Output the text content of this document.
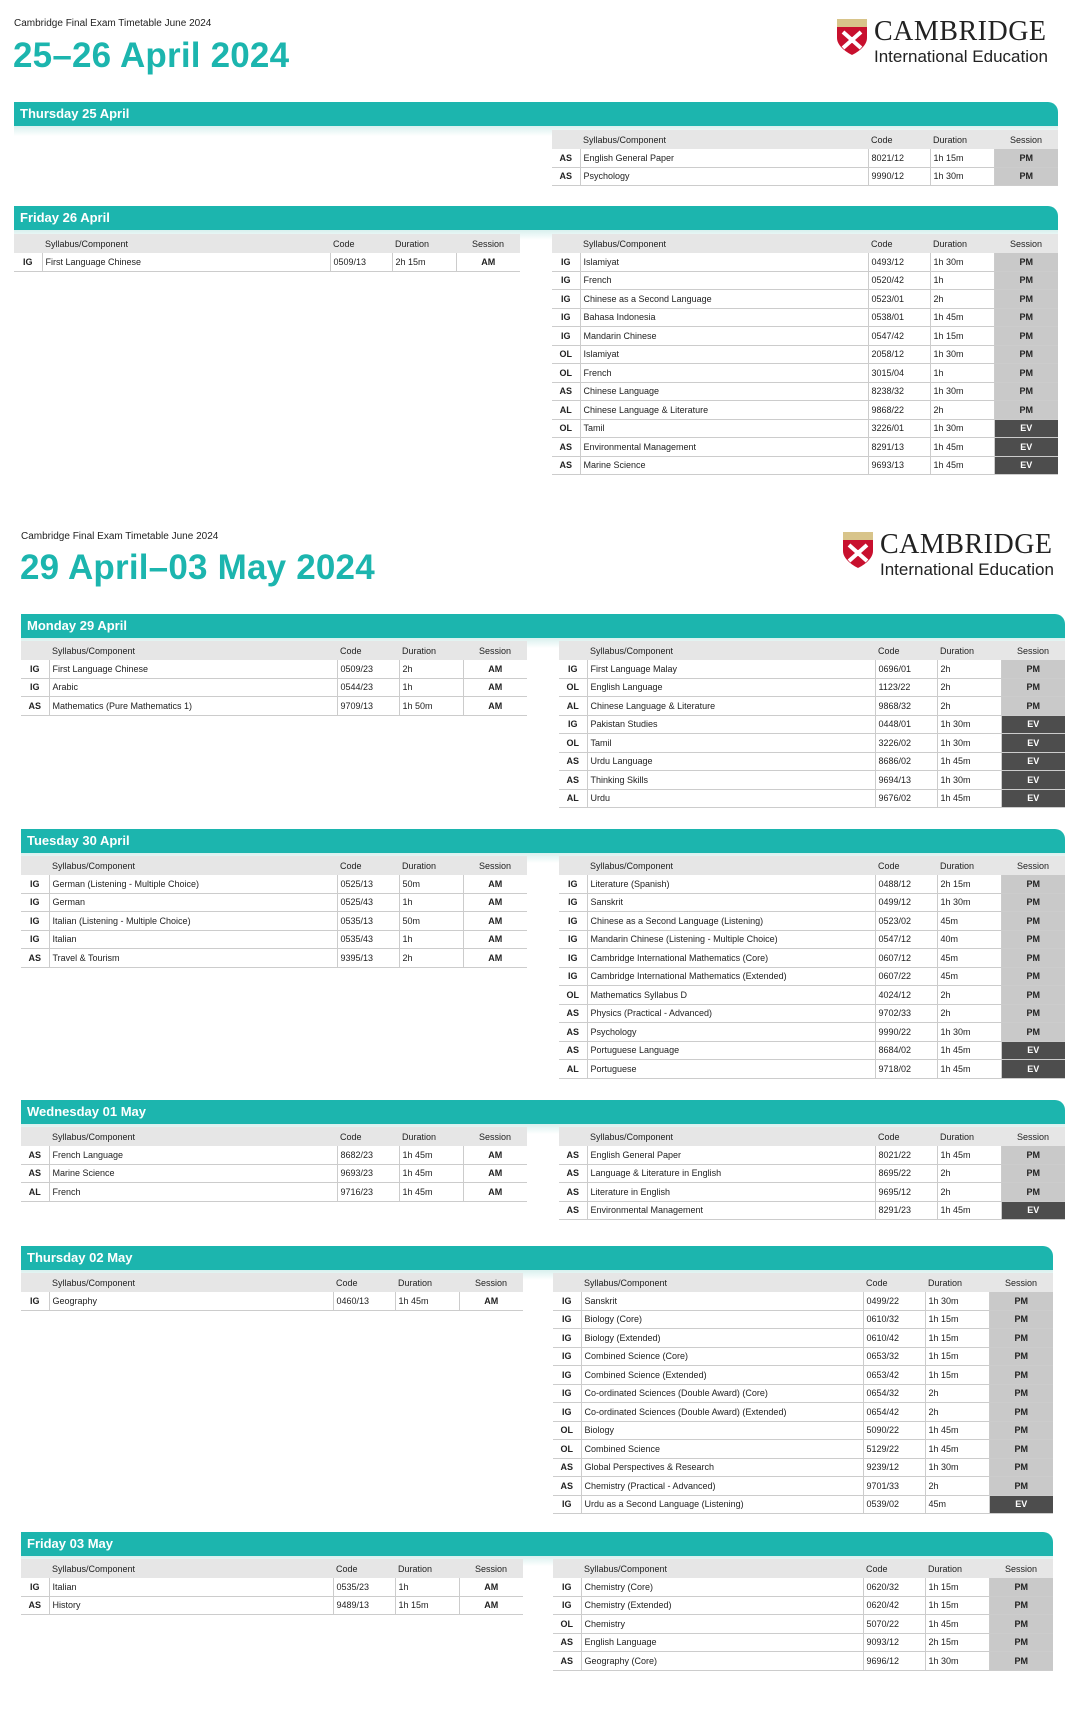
Cambridge Final Exam Timetable June 2024
25–26 April 2024
CAMBRIDGE
International Education
Cambridge Final Exam Timetable June 2024
29 April–03 May 2024
CAMBRIDGE
International Education
Thursday 25 April
	Syllabus/Component	Code	Duration	Session
AS	English General Paper	8021/12	1h 15m	PM
AS	Psychology	9990/12	1h 30m	PM
Friday 26 April
	Syllabus/Component	Code	Duration	Session
IG	First Language Chinese	0509/13	2h 15m	AM
	Syllabus/Component	Code	Duration	Session
IG	Islamiyat	0493/12	1h 30m	PM
IG	French	0520/42	1h	PM
IG	Chinese as a Second Language	0523/01	2h	PM
IG	Bahasa Indonesia	0538/01	1h 45m	PM
IG	Mandarin Chinese	0547/42	1h 15m	PM
OL	Islamiyat	2058/12	1h 30m	PM
OL	French	3015/04	1h	PM
AS	Chinese Language	8238/32	1h 30m	PM
AL	Chinese Language & Literature	9868/22	2h	PM
OL	Tamil	3226/01	1h 30m	EV
AS	Environmental Management	8291/13	1h 45m	EV
AS	Marine Science	9693/13	1h 45m	EV
Monday 29 April
	Syllabus/Component	Code	Duration	Session
IG	First Language Chinese	0509/23	2h	AM
IG	Arabic	0544/23	1h	AM
AS	Mathematics (Pure Mathematics 1)	9709/13	1h 50m	AM
	Syllabus/Component	Code	Duration	Session
IG	First Language Malay	0696/01	2h	PM
OL	English Language	1123/22	2h	PM
AL	Chinese Language & Literature	9868/32	2h	PM
IG	Pakistan Studies	0448/01	1h 30m	EV
OL	Tamil	3226/02	1h 30m	EV
AS	Urdu Language	8686/02	1h 45m	EV
AS	Thinking Skills	9694/13	1h 30m	EV
AL	Urdu	9676/02	1h 45m	EV
Tuesday 30 April
	Syllabus/Component	Code	Duration	Session
IG	German (Listening - Multiple Choice)	0525/13	50m	AM
IG	German	0525/43	1h	AM
IG	Italian (Listening - Multiple Choice)	0535/13	50m	AM
IG	Italian	0535/43	1h	AM
AS	Travel & Tourism	9395/13	2h	AM
	Syllabus/Component	Code	Duration	Session
IG	Literature (Spanish)	0488/12	2h 15m	PM
IG	Sanskrit	0499/12	1h 30m	PM
IG	Chinese as a Second Language (Listening)	0523/02	45m	PM
IG	Mandarin Chinese (Listening - Multiple Choice)	0547/12	40m	PM
IG	Cambridge International Mathematics (Core)	0607/12	45m	PM
IG	Cambridge International Mathematics (Extended)	0607/22	45m	PM
OL	Mathematics Syllabus D	4024/12	2h	PM
AS	Physics (Practical - Advanced)	9702/33	2h	PM
AS	Psychology	9990/22	1h 30m	PM
AS	Portuguese Language	8684/02	1h 45m	EV
AL	Portuguese	9718/02	1h 45m	EV
Wednesday 01 May
	Syllabus/Component	Code	Duration	Session
AS	French Language	8682/23	1h 45m	AM
AS	Marine Science	9693/23	1h 45m	AM
AL	French	9716/23	1h 45m	AM
	Syllabus/Component	Code	Duration	Session
AS	English General Paper	8021/22	1h 45m	PM
AS	Language & Literature in English	8695/22	2h	PM
AS	Literature in English	9695/12	2h	PM
AS	Environmental Management	8291/23	1h 45m	EV
Thursday 02 May
	Syllabus/Component	Code	Duration	Session
IG	Geography	0460/13	1h 45m	AM
	Syllabus/Component	Code	Duration	Session
IG	Sanskrit	0499/22	1h 30m	PM
IG	Biology (Core)	0610/32	1h 15m	PM
IG	Biology (Extended)	0610/42	1h 15m	PM
IG	Combined Science (Core)	0653/32	1h 15m	PM
IG	Combined Science (Extended)	0653/42	1h 15m	PM
IG	Co-ordinated Sciences (Double Award) (Core)	0654/32	2h	PM
IG	Co-ordinated Sciences (Double Award) (Extended)	0654/42	2h	PM
OL	Biology	5090/22	1h 45m	PM
OL	Combined Science	5129/22	1h 45m	PM
AS	Global Perspectives & Research	9239/12	1h 30m	PM
AS	Chemistry (Practical - Advanced)	9701/33	2h	PM
IG	Urdu as a Second Language (Listening)	0539/02	45m	EV
Friday 03 May
	Syllabus/Component	Code	Duration	Session
IG	Italian	0535/23	1h	AM
AS	History	9489/13	1h 15m	AM
	Syllabus/Component	Code	Duration	Session
IG	Chemistry (Core)	0620/32	1h 15m	PM
IG	Chemistry (Extended)	0620/42	1h 15m	PM
OL	Chemistry	5070/22	1h 45m	PM
AS	English Language	9093/12	2h 15m	PM
AS	Geography (Core)	9696/12	1h 30m	PM
